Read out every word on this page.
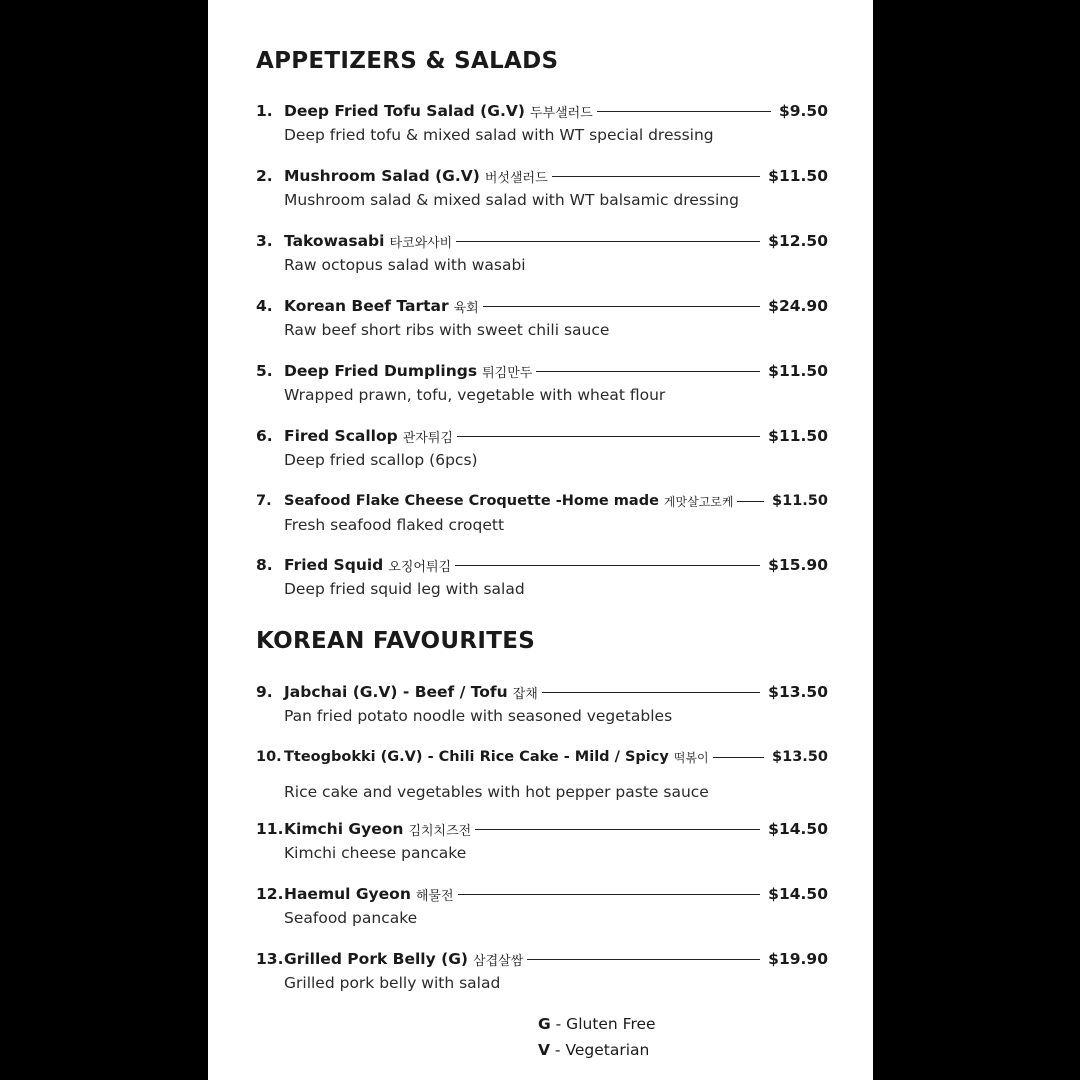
APPETIZERS & SALADS
1. Deep Fried Tofu Salad (G.V) 두부샐러드	$9.50
Deep fried tofu & mixed salad with WT special dressing
2. Mushroom Salad (G.V) 버섯샐러드	$11.50
Mushroom salad & mixed salad with WT balsamic dressing
3. Takowasabi 타코와사비	$12.50
Raw octopus salad with wasabi
4. Korean Beef Tartar 육회	$24.90
Raw beef short ribs with sweet chili sauce
5. Deep Fried Dumplings 튀김만두	$11.50
Wrapped prawn, tofu, vegetable with wheat flour
6. Fired Scallop 관자튀김	$11.50
Deep fried scallop (6pcs)
7. Seafood Flake Cheese Croquette -Home made 게맛살고로케	$11.50
Fresh seafood flaked croqett
8. Fried Squid 오징어튀김	$15.90
Deep fried squid leg with salad
KOREAN FAVOURITES
9. Jabchai (G.V) - Beef / Tofu 잡채	$13.50
Pan fried potato noodle with seasoned vegetables
10. Tteogbokki (G.V) - Chili Rice Cake - Mild / Spicy 떡볶이	$13.50
Rice cake and vegetables with hot pepper paste sauce
11. Kimchi Gyeon 김치치즈전	$14.50
Kimchi cheese pancake
12. Haemul Gyeon 해물전	$14.50
Seafood pancake
13. Grilled Pork Belly (G) 삼겹살쌈	$19.90
Grilled pork belly with salad
G - Gluten Free
V - Vegetarian
